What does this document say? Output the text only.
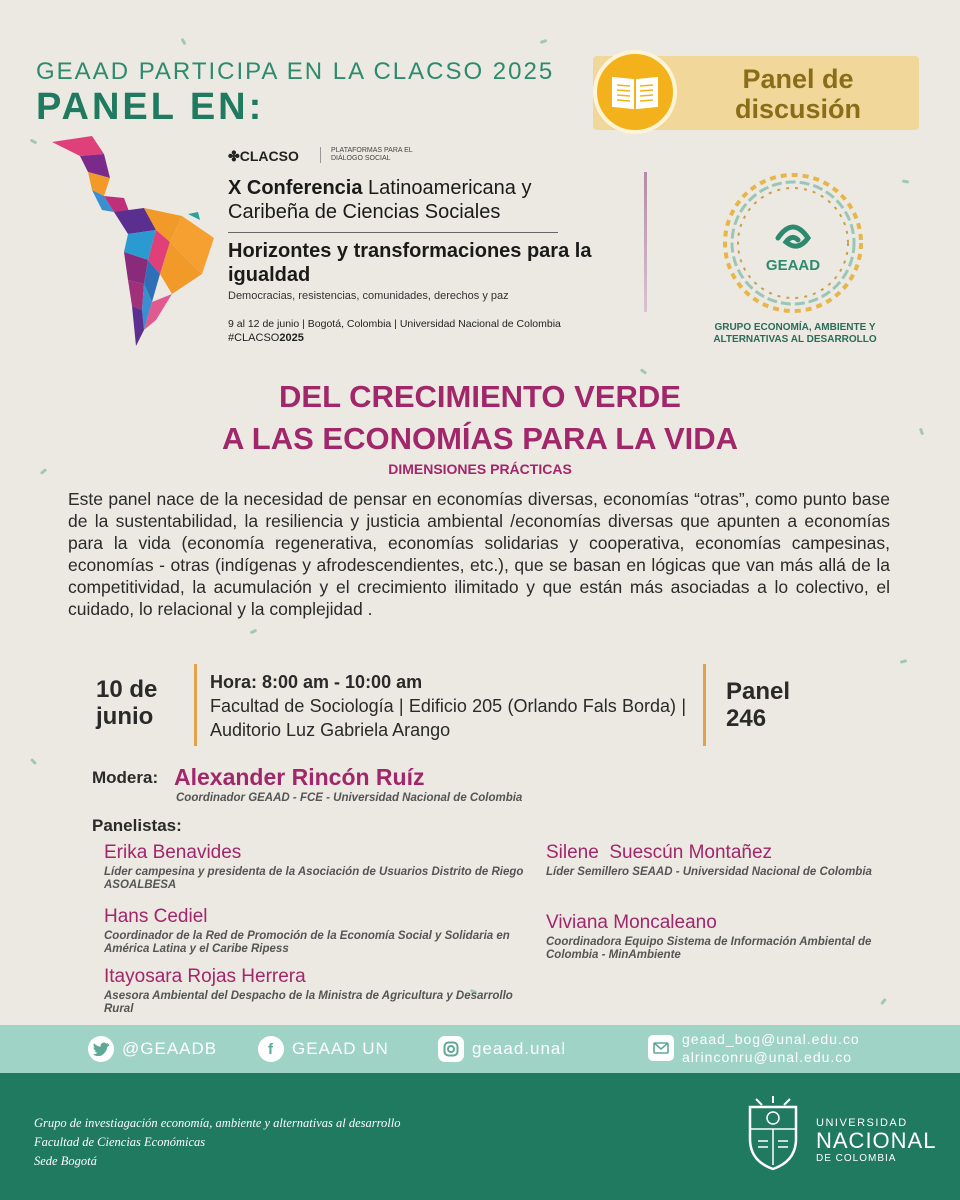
GEAAD PARTICIPA EN LA CLACSO 2025
PANEL EN:
Panel de
discusión
✤CLACSO	PLATAFORMAS PARA EL DIÁLOGO SOCIAL
X Conferencia Latinoamericana y Caribeña de Ciencias Sociales
Horizontes y transformaciones para la igualdad
Democracias, resistencias, comunidades, derechos y paz
9 al 12 de junio | Bogotá, Colombia | Universidad Nacional de Colombia
#CLACSO2025
GEAAD
GRUPO ECONOMÍA, AMBIENTE Y ALTERNATIVAS AL DESARROLLO
DEL CRECIMIENTO VERDE
A LAS ECONOMÍAS PARA LA VIDA
DIMENSIONES PRÁCTICAS
Este panel nace de la necesidad de pensar en economías diversas, economías “otras”, como punto base de la sustentabilidad, la resiliencia y justicia ambiental /economías diversas que apunten a economías para la vida (economía regenerativa, economías solidarias y cooperativa, economías campesinas, economías - otras (indígenas y afrodescendientes, etc.), que se basan en lógicas que van más allá de la competitividad, la acumulación y el crecimiento ilimitado y que están más asociadas a lo colectivo, el cuidado, lo relacional y la complejidad .
10 de
junio
Hora: 8:00 am - 10:00 am
Facultad de Sociología | Edificio 205 (Orlando Fals Borda) | Auditorio Luz Gabriela Arango
Panel
246
Modera: Alexander Rincón Ruíz
Coordinador GEAAD - FCE - Universidad Nacional de Colombia
Panelistas:
Erika Benavides
Líder campesina y presidenta de la Asociación de Usuarios Distrito de Riego ASOALBESA
Hans Cediel
Coordinador de la Red de Promoción de la Economía Social y Solidaria en América Latina y el Caribe Ripess
Itayosara Rojas Herrera
Asesora Ambiental del Despacho de la Ministra de Agricultura y Desarrollo Rural
Silene  Suescún Montañez
Líder Semillero SEAAD - Universidad Nacional de Colombia
Viviana Moncaleano
Coordinadora Equipo Sistema de Información Ambiental de Colombia - MinAmbiente
@GEAADB	f	GEAAD UN	geaad.unal	geaad_bog@unal.edu.co
alrinconru@unal.edu.co
Grupo de investiagación economía, ambiente y alternativas al desarrollo
Facultad de Ciencias Económicas
Sede Bogotá
UNIVERSIDAD
NACIONAL
DE COLOMBIA
